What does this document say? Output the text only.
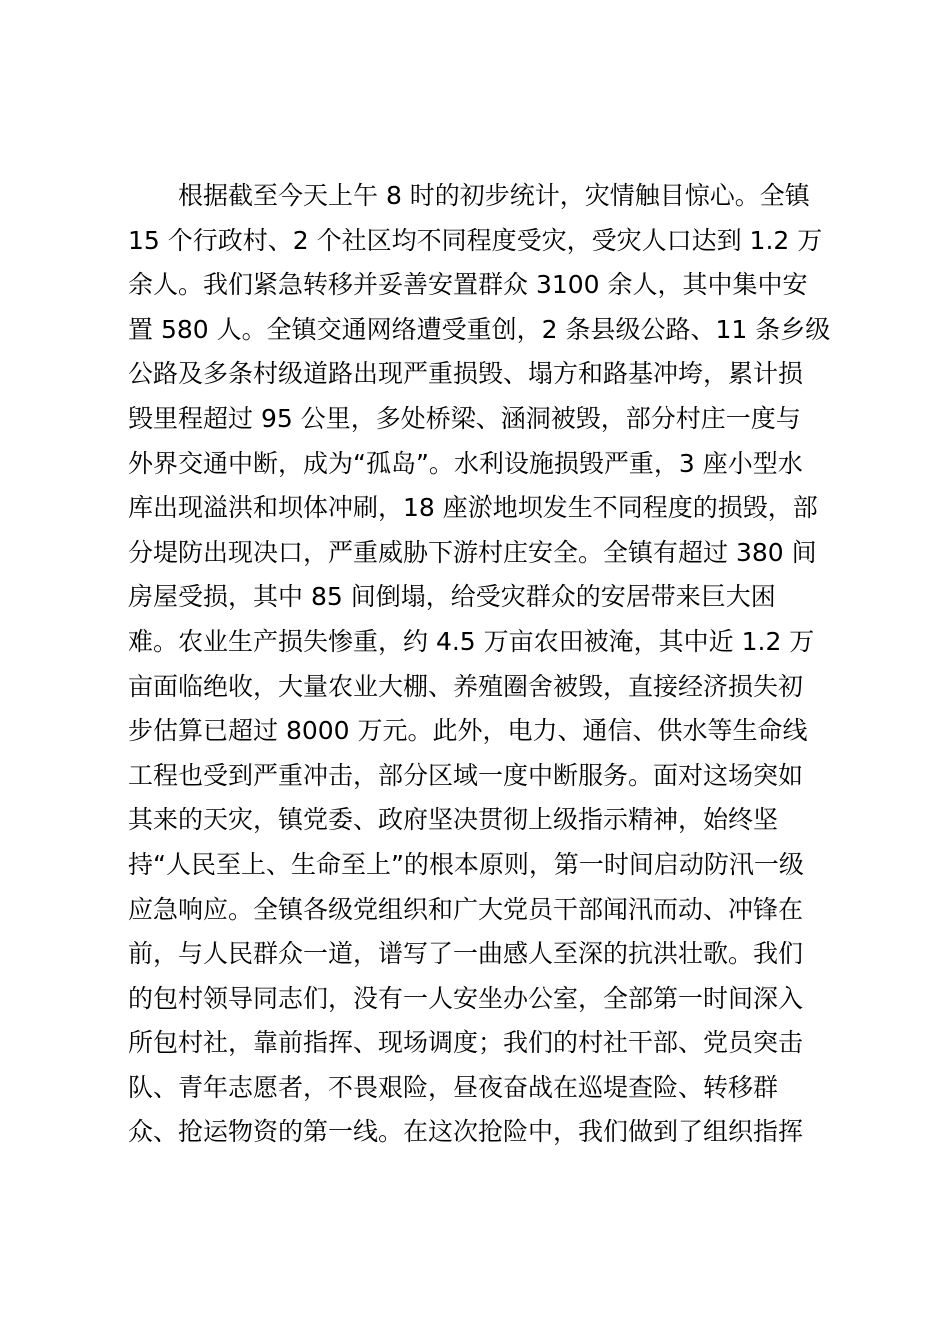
根据截至今天上午 8 时的初步统计，灾情触目惊心。全镇
15 个行政村、2 个社区均不同程度受灾，受灾人口达到 1.2 万
余人。我们紧急转移并妥善安置群众 3100 余人，其中集中安
置 580 人。全镇交通网络遭受重创，2 条县级公路、11 条乡级
公路及多条村级道路出现严重损毁、塌方和路基冲垮，累计损
毁里程超过 95 公里，多处桥梁、涵洞被毁，部分村庄一度与
外界交通中断，成为“孤岛”。水利设施损毁严重，3 座小型水
库出现溢洪和坝体冲刷，18 座淤地坝发生不同程度的损毁，部
分堤防出现决口，严重威胁下游村庄安全。全镇有超过 380 间
房屋受损，其中 85 间倒塌，给受灾群众的安居带来巨大困
难。农业生产损失惨重，约 4.5 万亩农田被淹，其中近 1.2 万
亩面临绝收，大量农业大棚、养殖圈舍被毁，直接经济损失初
步估算已超过 8000 万元。此外，电力、通信、供水等生命线
工程也受到严重冲击，部分区域一度中断服务。面对这场突如
其来的天灾，镇党委、政府坚决贯彻上级指示精神，始终坚
持“人民至上、生命至上”的根本原则，第一时间启动防汛一级
应急响应。全镇各级党组织和广大党员干部闻汛而动、冲锋在
前，与人民群众一道，谱写了一曲感人至深的抗洪壮歌。我们
的包村领导同志们，没有一人安坐办公室，全部第一时间深入
所包村社，靠前指挥、现场调度；我们的村社干部、党员突击
队、青年志愿者，不畏艰险，昼夜奋战在巡堤查险、转移群
众、抢运物资的第一线。在这次抢险中，我们做到了组织指挥
